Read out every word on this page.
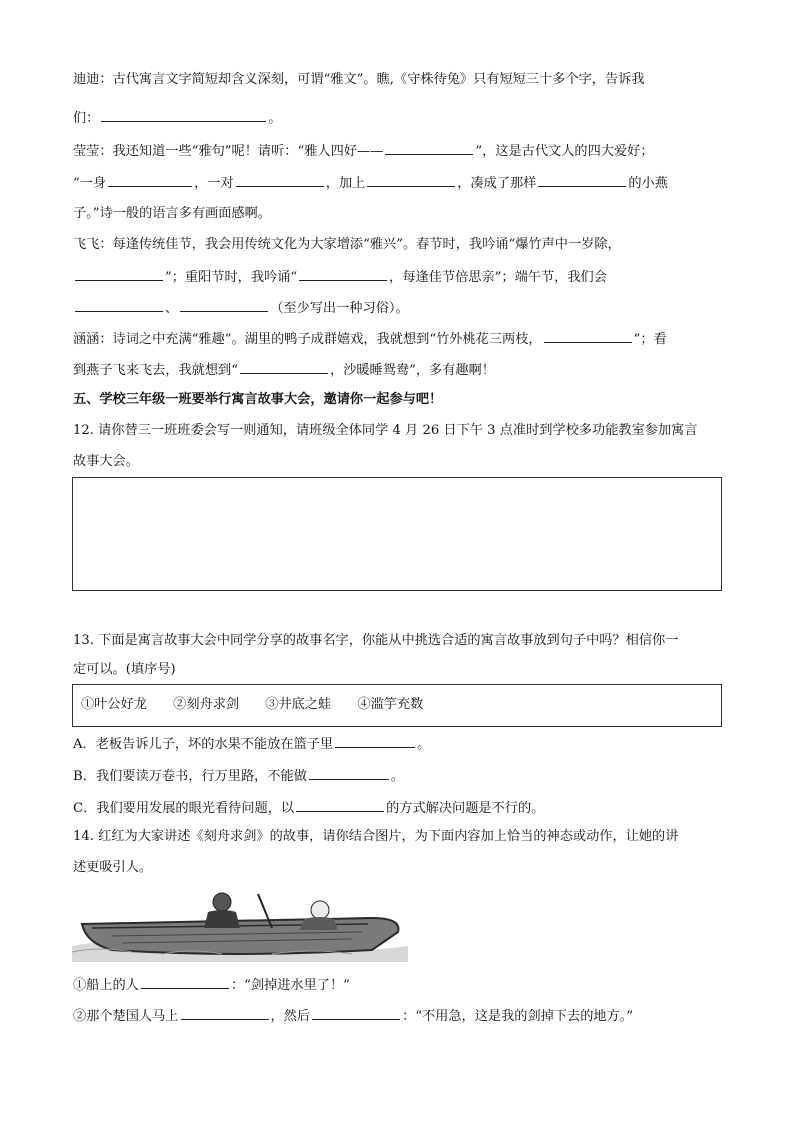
迪迪：古代寓言文字简短却含义深刻，可谓“雅文”。瞧,《守株待兔》只有短短三十多个字，告诉我
们：	。
莹莹：我还知道一些“雅句”呢！请听：“雅人四好——	”，这是古代文人的四大爱好；
“一身	，一对	，加上	，凑成了那样	的小燕
子。”诗一般的语言多有画面感啊。
飞飞：每逢传统佳节，我会用传统文化为大家增添“雅兴”。春节时，我吟诵“爆竹声中一岁除，
”；重阳节时，我吟诵“	，每逢佳节倍思亲”；端午节，我们会
、	（至少写出一种习俗）。
涵涵：诗词之中充满“雅趣”。湖里的鸭子成群嬉戏，我就想到“竹外桃花三两枝，	”；看
到燕子飞来飞去，我就想到“	，沙暖睡鸳鸯”，多有趣啊！
五、学校三年级一班要举行寓言故事大会，邀请你一起参与吧！
12. 请你替三一班班委会写一则通知，请班级全体同学 4 月 26 日下午 3 点准时到学校多功能教室参加寓言
故事大会。
13. 下面是寓言故事大会中同学分享的故事名字，你能从中挑选合适的寓言故事放到句子中吗？相信你一
定可以。(填序号)
①叶公好龙 ②刻舟求剑 ③井底之蛙 ④滥竽充数
A．老板告诉儿子，坏的水果不能放在篮子里	。
B．我们要读万卷书，行万里路，不能做	。
C．我们要用发展的眼光看待问题，以	的方式解决问题是不行的。
14. 红红为大家讲述《刻舟求剑》的故事，请你结合图片，为下面内容加上恰当的神态或动作，让她的讲
述更吸引人。
①船上的人	：“剑掉进水里了！”
②那个楚国人马上	，然后	：“不用急，这是我的剑掉下去的地方。”
